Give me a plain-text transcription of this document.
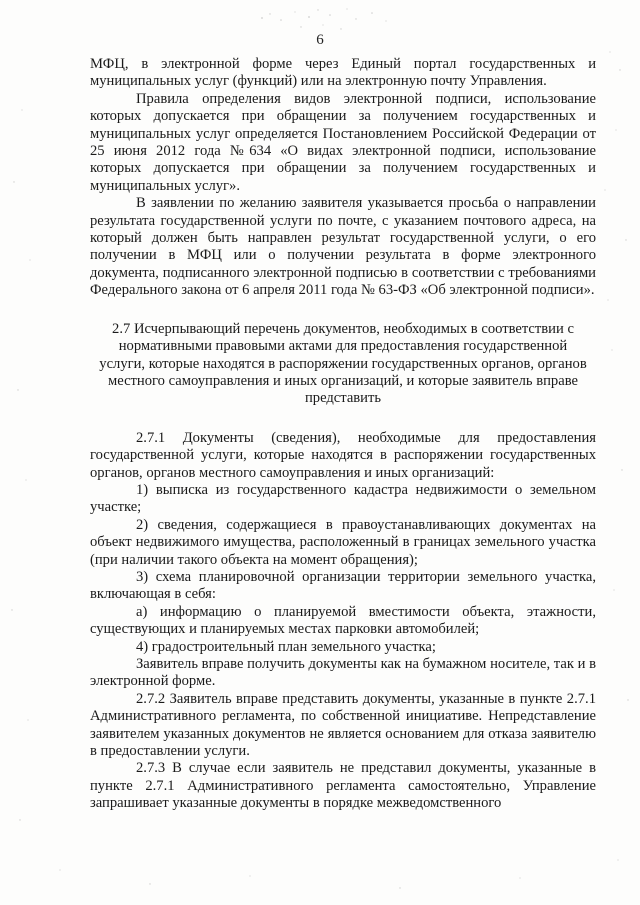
6

МФЦ, в электронной форме через Единый портал государственных и муниципальных услуг (функций) или на электронную почту Управления.

Правила определения видов электронной подписи, использование которых допускается при обращении за получением государственных и муниципальных услуг определяется Постановлением Российской Федерации от 25 июня 2012 года №634 «О видах электронной подписи, использование которых допускается при обращении за получением государственных и муниципальных услуг».

В заявлении по желанию заявителя указывается просьба о направлении результата государственной услуги по почте, с указанием почтового адреса, на который должен быть направлен результат государственной услуги, о его получении в МФЦ или о получении результата в форме электронного документа, подписанного электронной подписью в соответствии с требованиями Федерального закона от 6 апреля 2011 года № 63-ФЗ «Об электронной подписи».

2.7 Исчерпывающий перечень документов, необходимых в соответствии с нормативными правовыми актами для предоставления государственной услуги, которые находятся в распоряжении государственных органов, органов местного самоуправления и иных организаций, и которые заявитель вправе представить

2.7.1 Документы (сведения), необходимые для предоставления государственной услуги, которые находятся в распоряжении государственных органов, органов местного самоуправления и иных организаций:

1) выписка из государственного кадастра недвижимости о земельном участке;

2) сведения, содержащиеся в правоустанавливающих документах на объект недвижимого имущества, расположенный в границах земельного участка (при наличии такого объекта на момент обращения);

3) схема планировочной организации территории земельного участка, включающая в себя:

а) информацию о планируемой вместимости объекта, этажности, существующих и планируемых местах парковки автомобилей;

4) градостроительный план земельного участка;

Заявитель вправе получить документы как на бумажном носителе, так и в электронной форме.

2.7.2 Заявитель вправе представить документы, указанные в пункте 2.7.1 Административного регламента, по собственной инициативе. Непредставление заявителем указанных документов не является основанием для отказа заявителю в предоставлении услуги.

2.7.3 В случае если заявитель не представил документы, указанные в пункте 2.7.1 Административного регламента самостоятельно, Управление запрашивает указанные документы в порядке межведомственного
